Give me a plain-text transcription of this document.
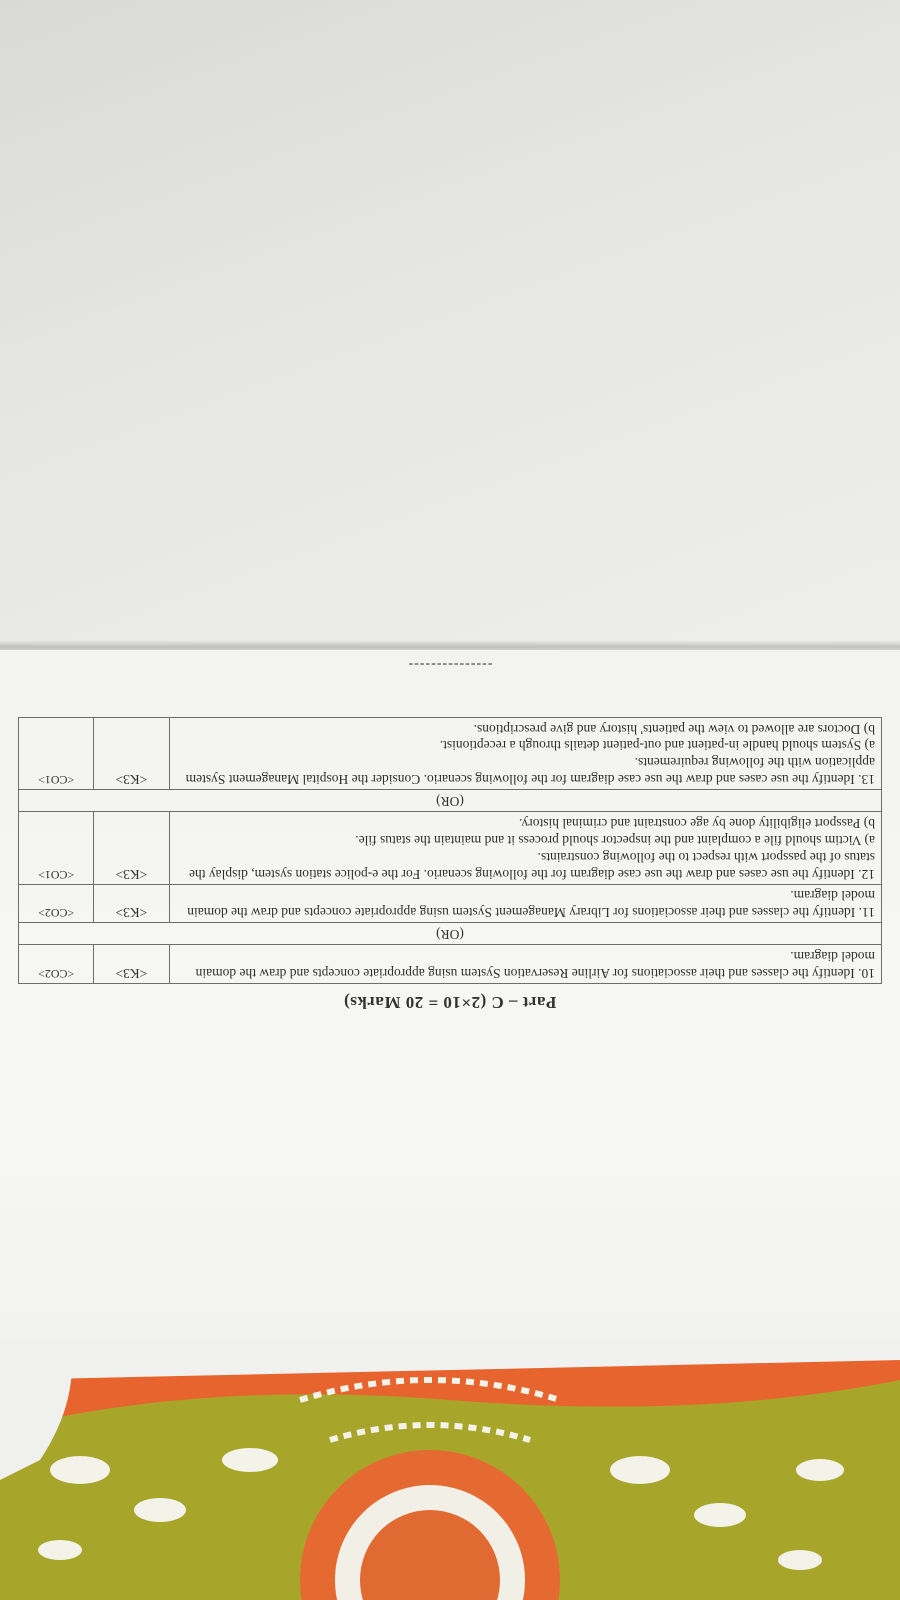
Part – C (2×10 = 20 Marks)
10. Identify the classes and their associations for Airline Reservation System using appropriate concepts and draw the domain model diagram.	<K3>	<CO2>
(OR)		
11. Identify the classes and their associations for Library Management System using appropriate concepts and draw the domain model diagram.	<K3>	<CO2>

12. Identify the use cases and draw the use case diagram for the following scenario. For the e-police station system, display the status of the passport with respect to the following constraints.
a) Victim should file a complaint and the inspector should process it and maintain the status file.
b) Passport eligibility done by age constraint and criminal history.	<K3>	<CO1>
(OR)		

13. Identify the use cases and draw the use case diagram for the following scenario. Consider the Hospital Management System application with the following requirements.
a) System should handle in-patient and out-patient details through a receptionist.
b) Doctors are allowed to view the patients' history and give prescriptions.	<K3>	<CO1>
---------------
